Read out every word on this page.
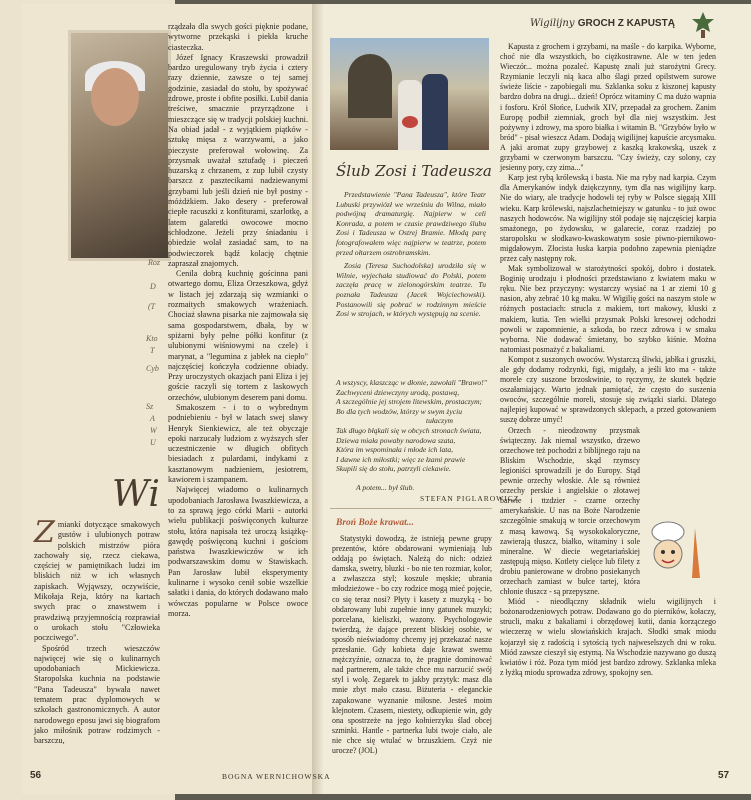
Roz
D
(T
Kto
T
Cyb
Sz
A
W
U
Wi

Zmiankí dotyczące smakowych gustów i ulubionych potraw polskich mistrzów pióra zachowały się, rzecz ciekawa, częściej w pamiętnikach ludzi im bliskich niż w ich własnych zapiskach. Wyjąwszy, oczywiście, Mikołaja Reja, który na kartach swych prac o znawstwem i prawdziwą przyjemnością rozprawiał o urokach stołu "Człowieka poczciwego".

Spośród trzech wieszczów najwięcej wie się o kulinarnych upodobaniach Mickiewicza. Staropolska kuchnia na podstawie "Pana Tadeusza" bywała nawet tematem prac dyplomowych w szkołach gastronomicznych. A autor narodowego eposu jawi się biografom jako miłośnik potraw rodzimych - barszczu,

rządzała dla swych gości pięknie podane, wytworne przekąski i piekła kruche ciasteczka.

Józef Ignacy Kraszewski prowadził bardzo uregulowany tryb życia i cztery razy dziennie, zawsze o tej samej godzinie, zasiadał do stołu, by spożywać zdrowe, proste i obfite posiłki. Lubił dania treściwe, smacznie przyrządzone i mieszczące się w tradycji polskiej kuchni. Na obiad jadał - z wyjątkiem piątków - sztukę mięsa z warzywami, a jako pieczyste preferował wołowinę. Za przysmak uważał sztufadę i pieczeń huzarską z chrzanem, z zup lubił czysty barszcz z pasztecikami nadziewanymi grzybami lub jeśli dzień nie był postny - móżdżkiem. Jako desery - preferował ciepłe racuszki z konfiturami, szarlotkę, a latem galaretki owocowe mocno schłodzone. Jeżeli przy śniadaniu i obiedzie wolał zasiadać sam, to na podwieczorek bądź kolację chętnie zapraszał znajomych.

Cenila dobrą kuchnię gościnna pani otwartego domu, Eliza Orzeszkowa, gdyż w listach jej zdarzają się wzmianki o rozmaitych smakowych wrażeniach. Chociaż sławna pisarka nie zajmowała się sama gospodarstwem, dbała, by w spiżarni były pełne półki konfitur (z ulubionymi wiśniowymi na czele) i marynat, a "legumina z jabłek na ciepło" najczęściej kończyła codzienne obiady. Przy uroczystych okazjach pani Eliza i jej goście raczyli się tortem z laskowych orzechów, ulubionym deserem pani domu.

Smakoszem - i to o wybrednym podniebieniu - był w latach swej sławy Henryk Sienkiewicz, ale też obycząje epoki narzucały ludziom z wyższych sfer uczestniczenie w długich obfitych biesiadach z pulardami, indykami z kasztanowym nadzieniem, jesiotrem, kawiorem i szampanem.

Najwięcej wiadomo o kulinarnych upodobaniach Jarosława Iwaszkiewicza, a to za sprawą jego córki Marii - autorki wielu publikacji poświęconych kulturze stołu, która napisała też uroczą książkę-gawędę poświęconą kuchni i gościom państwa Iwaszkiewiczów w ich podwarszawskim domu w Stawiskach. Pan Jarosław lubił eksperymenty kulinarne i wysoko cenił sobie wszelkie sałatki i dania, do których dodawano mało wówczas popularne w Polsce owoce morza.

BOGNA WERNICHOWSKA
56
Ślub Zosi i Tadeusza

Przedstawienie "Pana Tadeusza", które Teatr Lubuski przywiózł we wrześniu do Wilna, miało podwójną dramaturgię. Najpierw w celi Konrada, a potem w czasie prawdziwego ślubu Zosi i Tadeusza w Ostrej Bramie. Młodą parę fotografowałem więc najpierw w teatrze, potem przed ołtarzem ostrobramskim.

Zosia (Teresa Suchodolska) urodziła się w Wilnie, wyjechała studiować do Polski, potem zaczęła pracę w zielonogórskim teatrze. Tu poznała Tadeusza (Jacek Wojciechowski). Postanowili się pobrać w rodzinnym mieście Zosi w strojach, w których występują na scenie.

A wszyscy, klaszcząc w dłonie, zawołali "Brawo!"
Zachwyceni dziewczyny urodą, postawą,
A szczególnie jej strojem litewskim, prostaczym;
Bo dla tych wodzów, którzy w swym życiu
tułaczym
Tak długo błąkali się w obcych stronach świata,
Dziewa miała powaby narodowa szata,
Która im wspominała i młode ich lata,
I dawne ich miłostki; więc ze łzami prawie
Skupili się do stołu, patrzyli ciekawie.
A potem... był ślub.
STEFAN PIGLAROWICZ
Broń Boże krawat...

Statystyki dowodzą, że istnieją pewne grupy prezentów, które obdarowani wymieniają lub oddają po świętach. Należą do nich: odzież damska, swetry, bluzki - bo nie ten rozmiar, kolor, a zwłaszcza styl; koszule męskie; ubrania młodzieżowe - bo czy rodzice mogą mieć pojęcie, co się teraz nosi? Płyty i kasety z muzyką - bo obdarowany lubi zupełnie inny gatunek muzyki; porcelana, kieliszki, wazony. Psychologowie twierdzą, że dające prezent bliskiej osobie, w sposób nieświadomy chcemy jej przekazać nasze przesłanie. Gdy kobieta daje krawat swemu mężczyźnie, oznacza to, że pragnie dominować nad partnerem, ale także chce mu narzucić swój styl i wolę. Zegarek to jakby przytyk: masz dla mnie zbyt mało czasu. Biżuteria - eleganckie zapakowane wyznanie miłosne. Jesteś moim klejnotem. Czasem, niestety, odkupienie win, gdy ona spostrzeże na jego kołnierzyku ślad obcej szminki. Hantle - partnerka lubi twoje ciało, ale nie chce się wtulać w brzuszkiem. Czyż nie urocze? (JOL)

Wigilijny GROCH Z KAPUSTĄ

Kapusta z grochem i grzybami, na maśle - do karpika. Wyborne, choć nie dla wszystkich, bo ciężkostrawne. Ale w ten jeden Wieczór... można pozaleć. Kapustę znali już starożytni Grecy. Rzymianie leczyli nią kaca albo ślagi przed opilstwem surowe świeże liście - zapobiegali mu. Szklanka soku z kiszonej kapusty bardzo dobra na drugi... dzień! Oprócz witaminy C ma dużo wapnia i fosforu. Król Słońce, Ludwik XIV, przepadał za grochem. Zanim Europę podbił ziemniak, groch był dla niej wszystkim. Jest pożywny i zdrowy, ma sporo białka i witamin B. "Grzybów było w bród" - pisał wieszcz Adam. Dodają wigilijnej kapuście arcysmaku. A jaki aromat zupy grzybowej z kaszką krakowską, uszek z grzybami w czerwonym barszczu. "Czy świeży, czy solony, czy jesienny pory, czy zima..."

Karp jest rybą królewską i basta. Nie ma ryby nad karpia. Czym dla Amerykanów indyk dziękczynny, tym dla nas wigilijny karp. Nie do wiary, ale tradycje hodowli tej ryby w Polsce sięgają XIII wieku. Karp królewski, najszlachetniejszy w gatunku - to już owoc naszych hodowców. Na wigilijny stół podaje się najczęściej karpia smażonego, po żydowsku, w galarecie, coraz rzadziej po staropolsku w słodkawo-kwaskowatym sosie piwno-piernikowo-migdałowym. Złocista łuska karpia podobno zapewnia pieniądze przez cały następny rok.

Mak symbolizował w starożytności spokój, dobro i dostatek. Boginię urodzaju i płodności przedstawiano z kwiatem maku w ręku. Nie bez przyczyny: wystarczy wysiać na 1 ar ziemi 10 g nasion, aby zebrać 10 kg maku. W Wigilię gości na naszym stole w różnych postaciach: strucla z makiem, tort makowy, kluski z makiem, kutia. Ten wielki przysmak Polski kresowej odchodzi powoli w zapomnienie, a szkoda, bo rzecz zdrowa i w smaku wyborna. Nie dodawać śmietany, bo szybko kiśnie. Można natomiast posmażyć z bakaliami.

Kompot z suszonych owoców. Wystarczą śliwki, jabłka i gruszki, ale gdy dodamy rodzynki, figi, migdały, a jeśli kto ma - także morele czy suszone brzoskwinie, to ręczymy, że skutek będzie oszałamiający. Warto jednak pamiętać, że często do suszenia owoców, szczególnie moreli, stosuje się związki siarki. Dlatego najlepiej kupować w sprawdzonych sklepach, a przed gotowaniem suszę dobrze umyć!

Orzech - nieodzowny przysmak świąteczny. Jak niemal wszystko, drzewo orzechowe też pochodzi z biblijnego raju na Bliskim Wschodzie, skąd rzymscy legioniści sprowadzili je do Europy. Stąd pewnie orzechy włoskie. Ale są również orzechy perskie i angielskie o złotawej barwie i ttzdzier - czarne orzechy amerykańskie. U nas na Boże Narodzenie szczególnie smakują w torcie orzechowym z masą kawową. Są wysokokaloryczne, zawierają tłuszcz, białko, witaminy i sole mineralne. W diecie wegetariańskiej zastępują mięso. Kotlety cielęce lub filety z drobiu panierowane w drobno posiekanych orzechach zamiast w bułce tartej, która chłonie tłuszcz - są przepyszne.

Miód - nieodłączny składnik wielu wigilijnych i bożonarodzeniowych potraw. Dodawano go do pierników, kołaczy, strucli, maku z bakaliami i obrzędowej kutii, dania korzączego wieczerzę w wielu słowiańskich krajach. Słodki smak miodu kojarzył się z radością i sytością tych najweselszych dni w roku. Miód zawsze cieszył się estymą. Na Wschodzie nazywano go duszą kwiatów i róż. Poza tym miód jest bardzo zdrowy. Szklanka mleka z łyżką miodu sprowadza zdrowy, spokojny sen.

57
